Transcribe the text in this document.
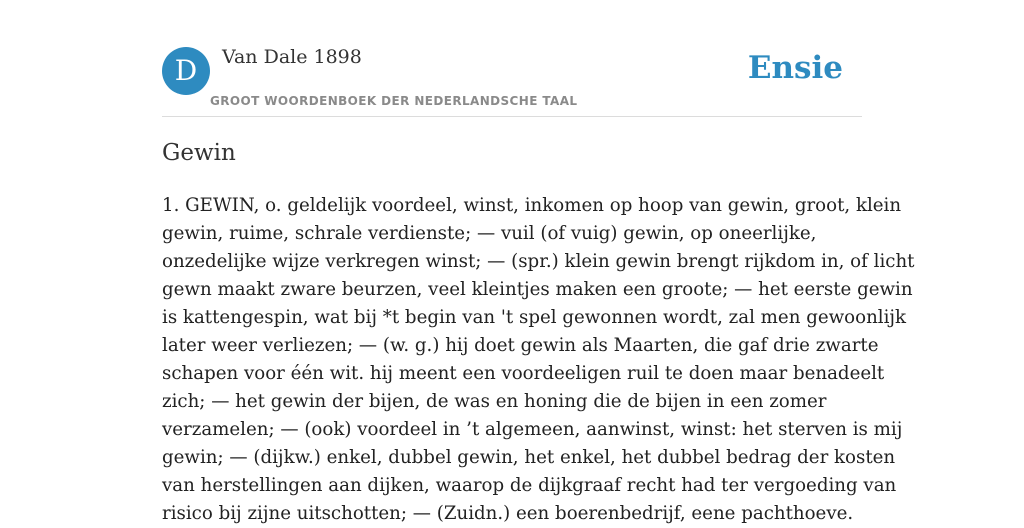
D	Van Dale 1898
GROOT WOORDENBOEK DER NEDERLANDSCHE TAAL
Ensie
Gewin
1. GEWIN, o. geldelijk voordeel, winst, inkomen op hoop van gewin, groot, klein
gewin, ruime, schrale verdienste; — vuil (of vuig) gewin, op oneerlijke,
onzedelijke wijze verkregen winst; — (spr.) klein gewin brengt rijkdom in, of licht
gewn maakt zware beurzen, veel kleintjes maken een groote; — het eerste gewin
is kattengespin, wat bij *t begin van 't spel gewonnen wordt, zal men gewoonlijk
later weer verliezen; — (w. g.) hij doet gewin als Maarten, die gaf drie zwarte
schapen voor één wit. hij meent een voordeeligen ruil te doen maar benadeelt
zich; — het gewin der bijen, de was en honing die de bijen in een zomer
verzamelen; — (ook) voordeel in ’t algemeen, aanwinst, winst: het sterven is mij
gewin; — (dijkw.) enkel, dubbel gewin, het enkel, het dubbel bedrag der kosten
van herstellingen aan dijken, waarop de dijkgraaf recht had ter vergoeding van
risico bij zijne uitschotten; — (Zuidn.) een boerenbedrijf, eene pachthoeve.
